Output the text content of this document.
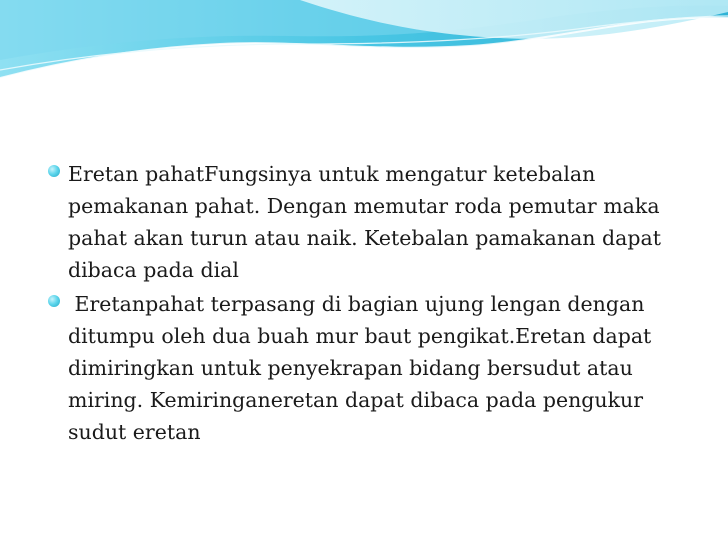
Eretan pahatFungsinya untuk mengatur ketebalan pemakanan pahat. Dengan memutar roda pemutar maka pahat akan turun atau naik. Ketebalan pamakanan dapat dibaca pada dial

Eretanpahat terpasang di bagian ujung lengan dengan ditumpu oleh dua buah mur baut pengikat.Eretan dapat dimiringkan untuk penyekrapan bidang bersudut atau miring. Kemiringaneretan dapat dibaca pada pengukur sudut eretan
